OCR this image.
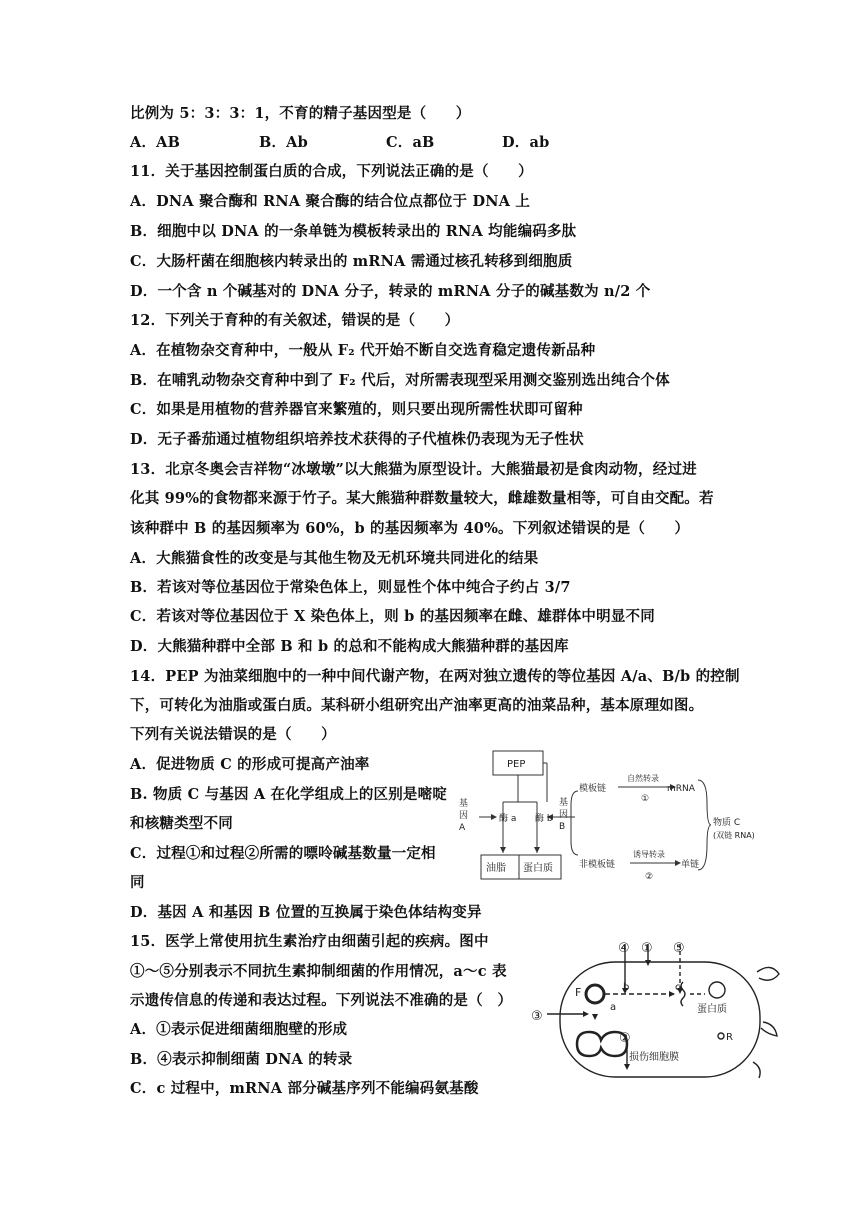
比例为 5：3：3：1，不育的精子基因型是（　　）
A．AB	B．Ab	C．aB	D．ab
11．关于基因控制蛋白质的合成，下列说法正确的是（　　）
A．DNA 聚合酶和 RNA 聚合酶的结合位点都位于 DNA 上
B．细胞中以 DNA 的一条单链为模板转录出的 RNA 均能编码多肽
C．大肠杆菌在细胞核内转录出的 mRNA 需通过核孔转移到细胞质
D．一个含 n 个碱基对的 DNA 分子，转录的 mRNA 分子的碱基数为 n/2 个
12．下列关于育种的有关叙述，错误的是（　　）
A．在植物杂交育种中，一般从 F₂ 代开始不断自交选育稳定遗传新品种
B．在哺乳动物杂交育种中到了 F₂ 代后，对所需表现型采用测交鉴别选出纯合个体
C．如果是用植物的营养器官来繁殖的，则只要出现所需性状即可留种
D．无子番茄通过植物组织培养技术获得的子代植株仍表现为无子性状
13．北京冬奥会吉祥物“冰墩墩”以大熊猫为原型设计。大熊猫最初是食肉动物，经过进
化其 99%的食物都来源于竹子。某大熊猫种群数量较大，雌雄数量相等，可自由交配。若
该种群中 B 的基因频率为 60%，b 的基因频率为 40%。下列叙述错误的是（　　）
A．大熊猫食性的改变是与其他生物及无机环境共同进化的结果
B．若该对等位基因位于常染色体上，则显性个体中纯合子约占 3/7
C．若该对等位基因位于 X 染色体上，则 b 的基因频率在雌、雄群体中明显不同
D．大熊猫种群中全部 B 和 b 的总和不能构成大熊猫种群的基因库
14．PEP 为油菜细胞中的一种中间代谢产物，在两对独立遗传的等位基因 A/a、B/b 的控制
下，可转化为油脂或蛋白质。某科研小组研究出产油率更高的油菜品种，基本原理如图。
下列有关说法错误的是（　　）
A．促进物质 C 的形成可提高产油率
B. 物质 C 与基因 A 在化学组成上的区别是嘧啶
和核糖类型不同
C．过程①和过程②所需的嘌呤碱基数量一定相
同
D．基因 A 和基因 B 位置的互换属于染色体结构变异
15．医学上常使用抗生素治疗由细菌引起的疾病。图中
①～⑤分别表示不同抗生素抑制细菌的作用情况，a～c 表
示遗传信息的传递和表达过程。下列说法不准确的是（　）
A．①表示促进细菌细胞壁的形成
B．④表示抑制细菌 DNA 的转录
C．c 过程中，mRNA 部分碱基序列不能编码氨基酸
PEP
基
因
A
酶 a 酶 b
油脂 蛋白质
基
因
B
模板链
非模板链
自然转录
①
诱导转录
②
mRNA
单链
物质 C
(双链 RNA)
④ ① ⑤
③
②
F
a
b	c
蛋白质
损伤细胞膜
R
